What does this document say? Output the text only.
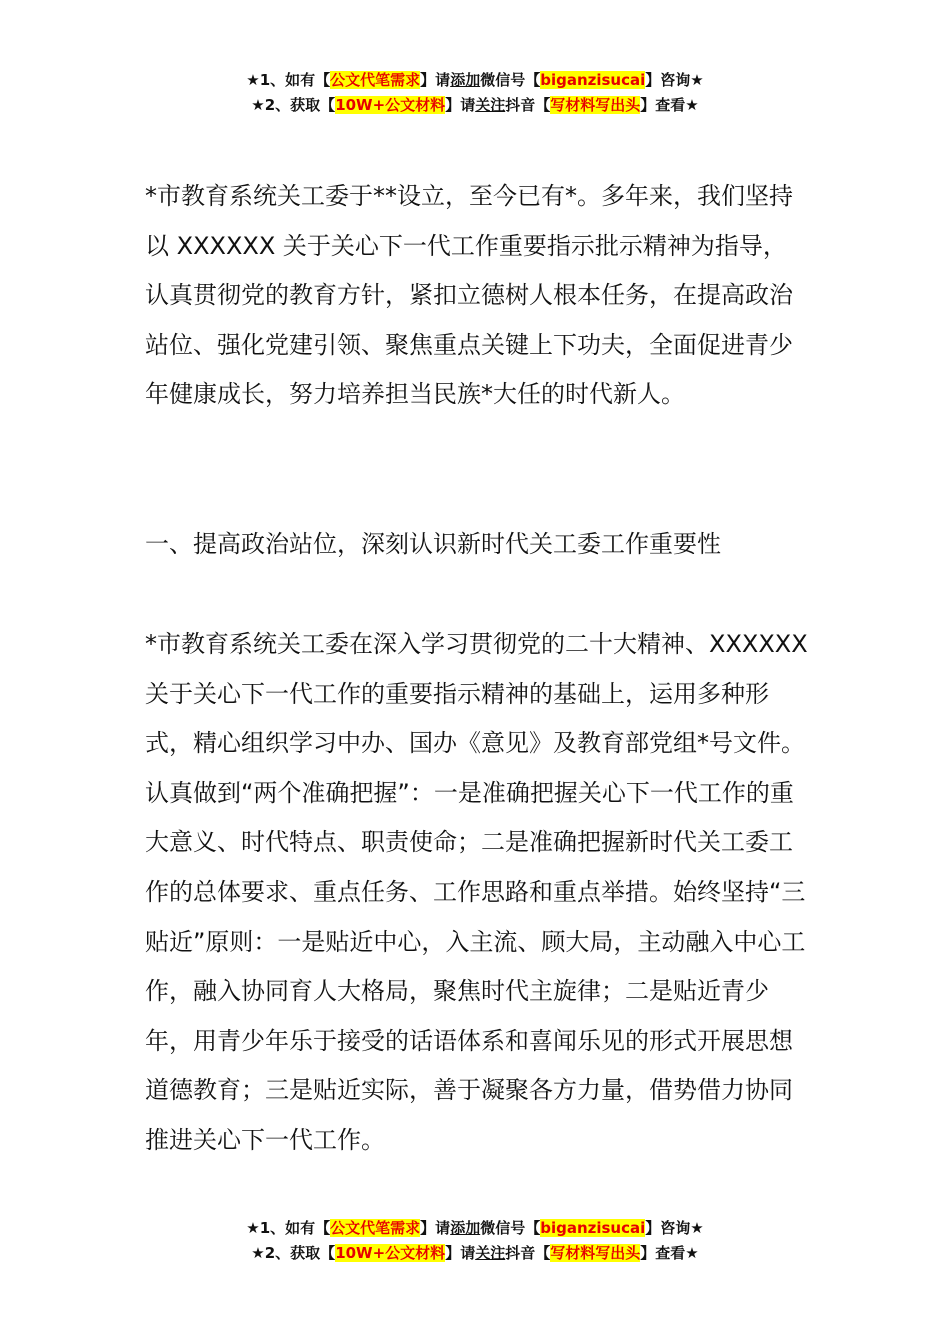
★1、如有【公文代笔需求】请添加微信号【biganzisucai】咨询★
★2、获取【10W+公文材料】请关注抖音【写材料写出头】查看★

*市教育系统关工委于**设立，至今已有*。多年来，我们坚持以 XXXXXX 关于关心下一代工作重要指示批示精神为指导，认真贯彻党的教育方针，紧扣立德树人根本任务，在提高政治站位、强化党建引领、聚焦重点关键上下功夫，全面促进青少年健康成长，努力培养担当民族*大任的时代新人。

一、提高政治站位，深刻认识新时代关工委工作重要性

*市教育系统关工委在深入学习贯彻党的二十大精神、XXXXXX 关于关心下一代工作的重要指示精神的基础上，运用多种形式，精心组织学习中办、国办《意见》及教育部党组*号文件。认真做到“两个准确把握”：一是准确把握关心下一代工作的重大意义、时代特点、职责使命；二是准确把握新时代关工委工作的总体要求、重点任务、工作思路和重点举措。始终坚持“三贴近”原则：一是贴近中心，入主流、顾大局，主动融入中心工作，融入协同育人大格局，聚焦时代主旋律；二是贴近青少年，用青少年乐于接受的话语体系和喜闻乐见的形式开展思想道德教育；三是贴近实际，善于凝聚各方力量，借势借力协同推进关心下一代工作。

★1、如有【公文代笔需求】请添加微信号【biganzisucai】咨询★
★2、获取【10W+公文材料】请关注抖音【写材料写出头】查看★
